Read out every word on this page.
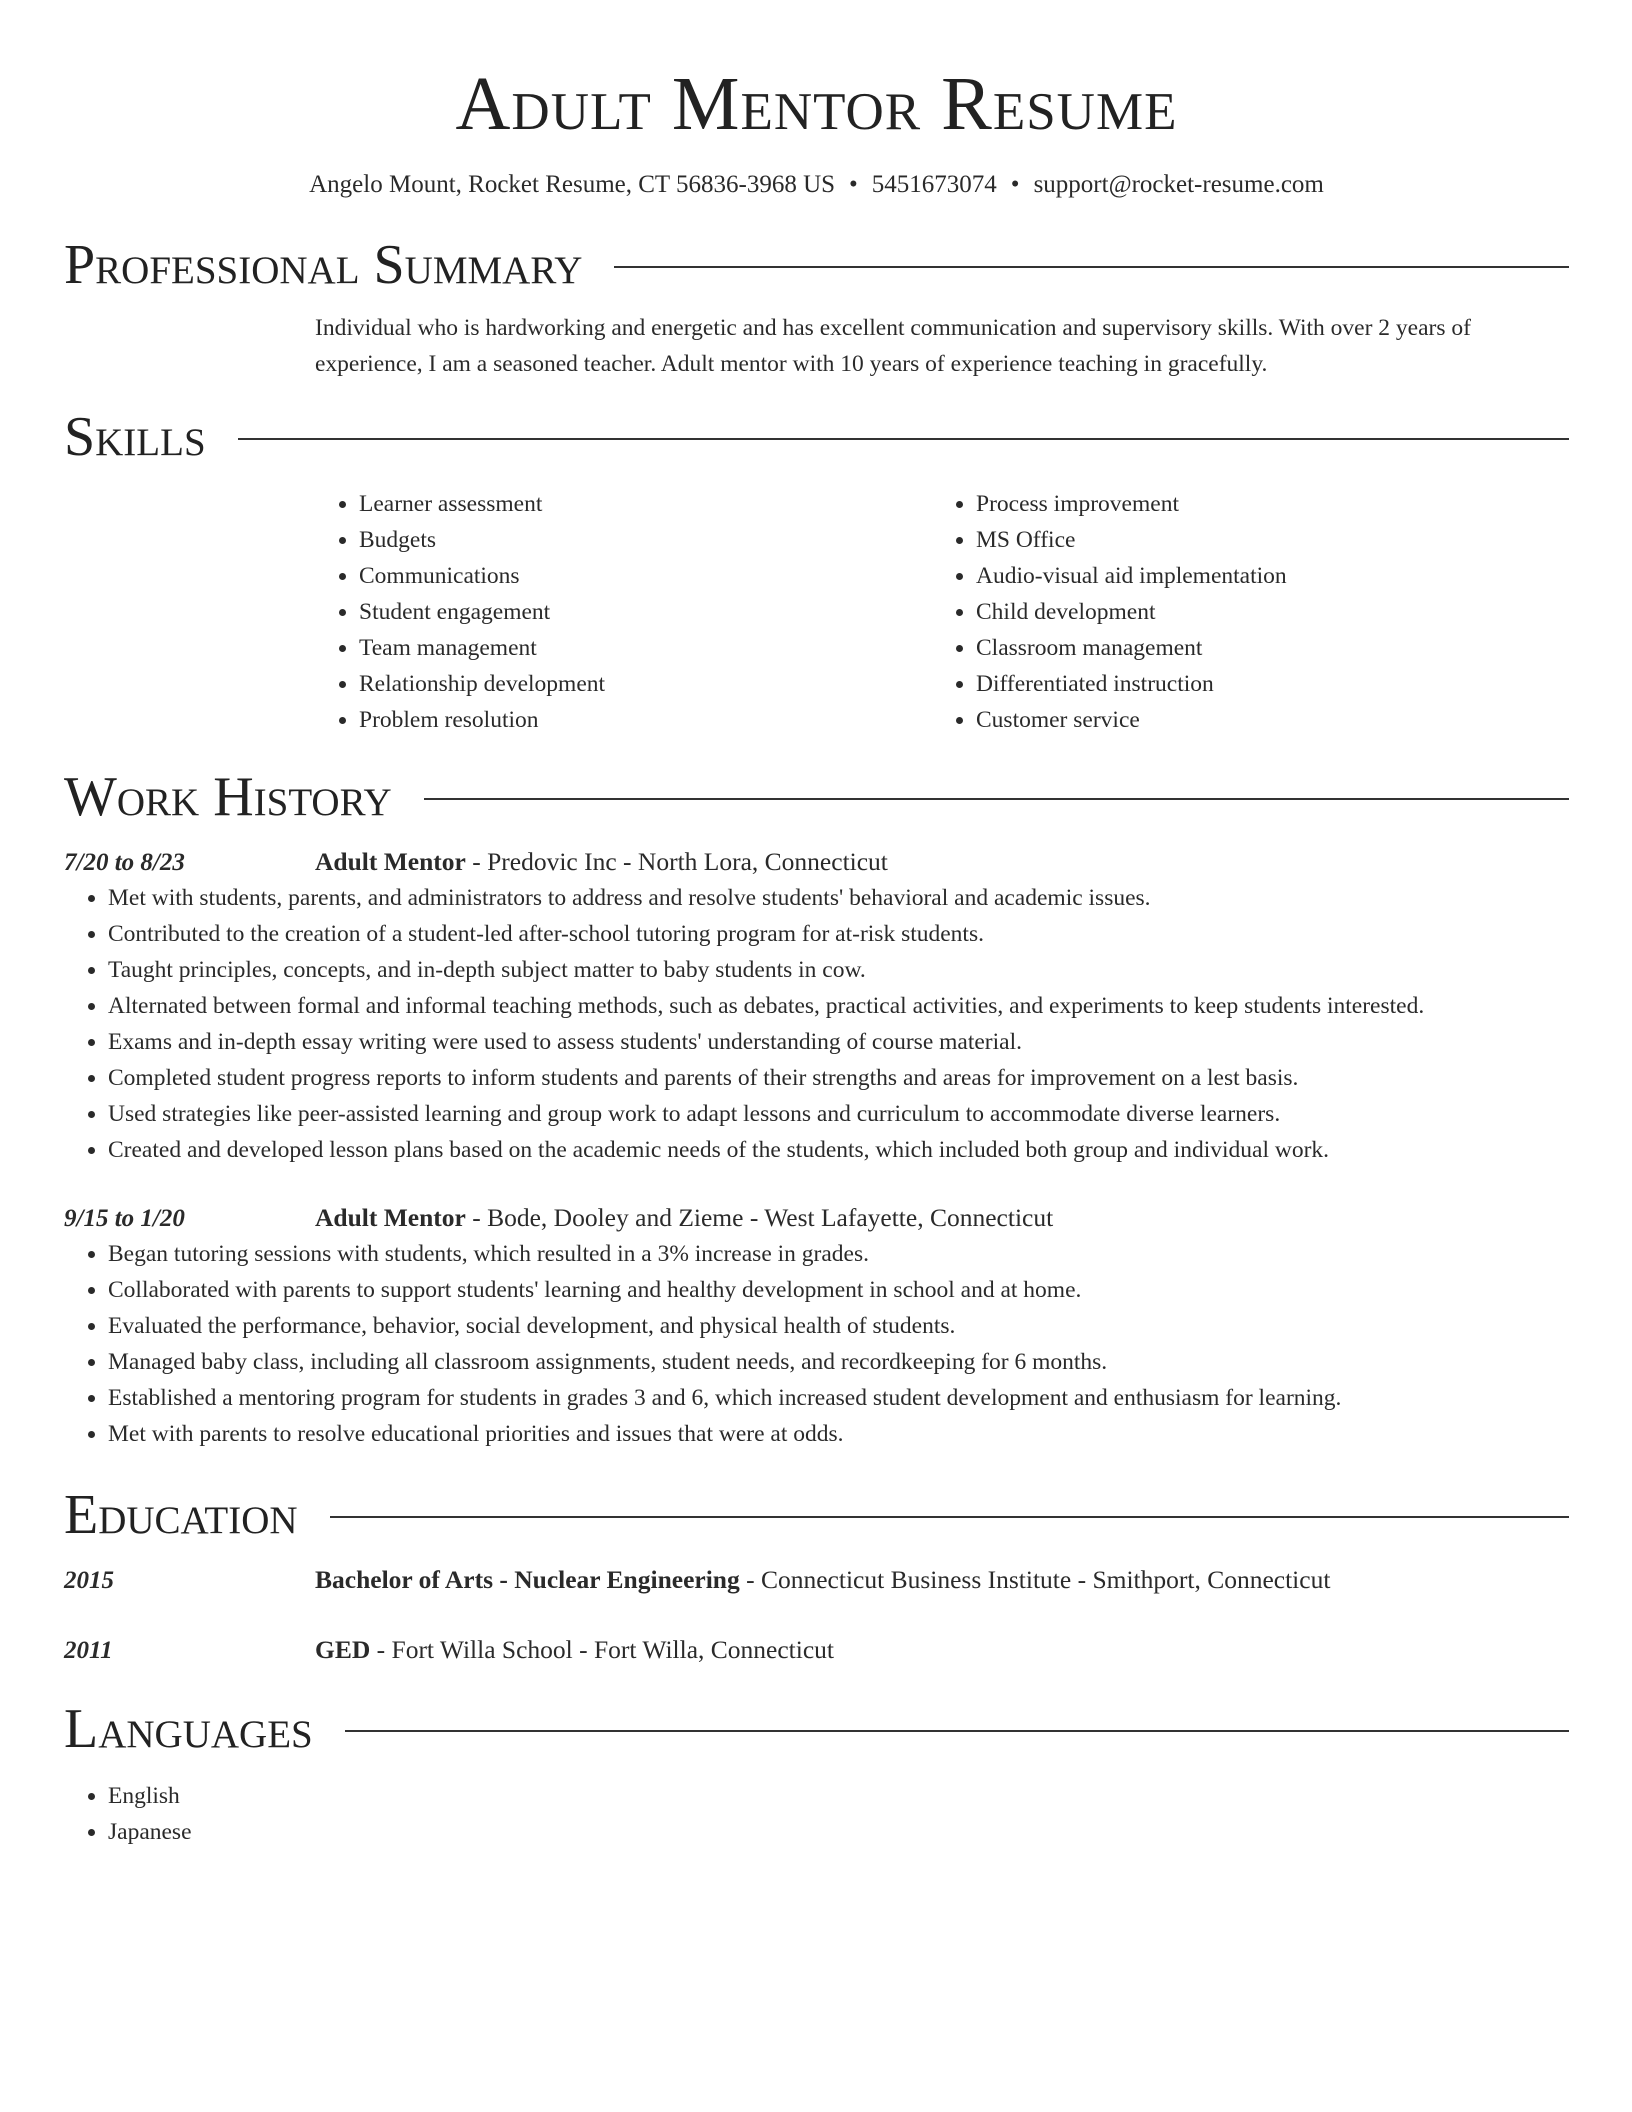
Adult Mentor Resume
Angelo Mount, Rocket Resume, CT 56836-3968 US • 5451673074 • support@rocket-resume.com
Professional Summary
Individual who is hardworking and energetic and has excellent communication and supervisory skills. With over 2 years of experience, I am a seasoned teacher. Adult mentor with 10 years of experience teaching in gracefully.
Skills
• Learner assessment
• Budgets
• Communications
• Student engagement
• Team management
• Relationship development
• Problem resolution
• Process improvement
• MS Office
• Audio-visual aid implementation
• Child development
• Classroom management
• Differentiated instruction
• Customer service
Work History
7/20 to 8/23	Adult Mentor - Predovic Inc - North Lora, Connecticut
• Met with students, parents, and administrators to address and resolve students' behavioral and academic issues.
• Contributed to the creation of a student-led after-school tutoring program for at-risk students.
• Taught principles, concepts, and in-depth subject matter to baby students in cow.
• Alternated between formal and informal teaching methods, such as debates, practical activities, and experiments to keep students interested.
• Exams and in-depth essay writing were used to assess students' understanding of course material.
• Completed student progress reports to inform students and parents of their strengths and areas for improvement on a lest basis.
• Used strategies like peer-assisted learning and group work to adapt lessons and curriculum to accommodate diverse learners.
• Created and developed lesson plans based on the academic needs of the students, which included both group and individual work.
9/15 to 1/20	Adult Mentor - Bode, Dooley and Zieme - West Lafayette, Connecticut
• Began tutoring sessions with students, which resulted in a 3% increase in grades.
• Collaborated with parents to support students' learning and healthy development in school and at home.
• Evaluated the performance, behavior, social development, and physical health of students.
• Managed baby class, including all classroom assignments, student needs, and recordkeeping for 6 months.
• Established a mentoring program for students in grades 3 and 6, which increased student development and enthusiasm for learning.
• Met with parents to resolve educational priorities and issues that were at odds.
Education
2015	Bachelor of Arts - Nuclear Engineering - Connecticut Business Institute - Smithport, Connecticut
2011	GED - Fort Willa School - Fort Willa, Connecticut
Languages
• English
• Japanese
